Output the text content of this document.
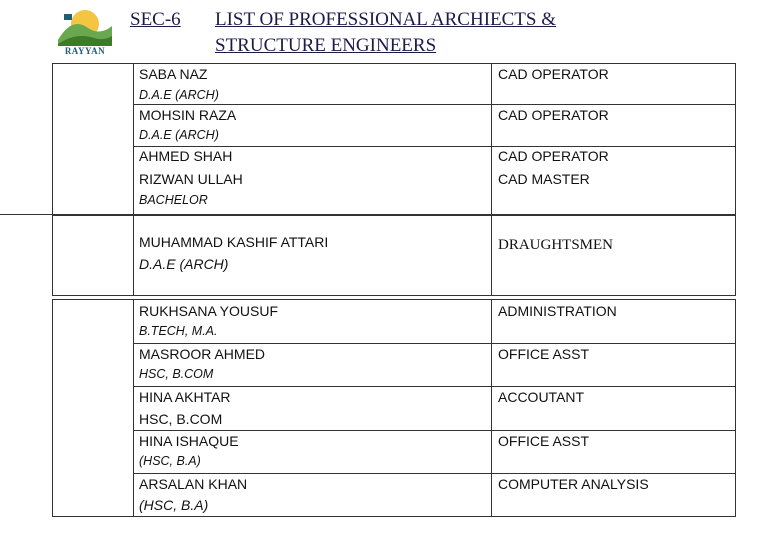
RAYYAN
SEC-6 LIST OF PROFESSIONAL ARCHIECTS &
STRUCTURE ENGINEERS
SABA NAZ
D.A.E (ARCH)
CAD OPERATOR
MOHSIN RAZA
D.A.E (ARCH)
CAD OPERATOR
AHMED SHAH	CAD OPERATOR
RIZWAN ULLAH
BACHELOR
CAD MASTER
MUHAMMAD KASHIF ATTARI
D.A.E (ARCH)
DRAUGHTSMEN
RUKHSANA YOUSUF
B.TECH, M.A.
ADMINISTRATION
MASROOR AHMED
HSC, B.COM
OFFICE ASST
HINA AKHTAR
HSC, B.COM
ACCOUTANT
HINA ISHAQUE
(HSC, B.A)
OFFICE ASST
ARSALAN KHAN
(HSC, B.A)
COMPUTER ANALYSIS
